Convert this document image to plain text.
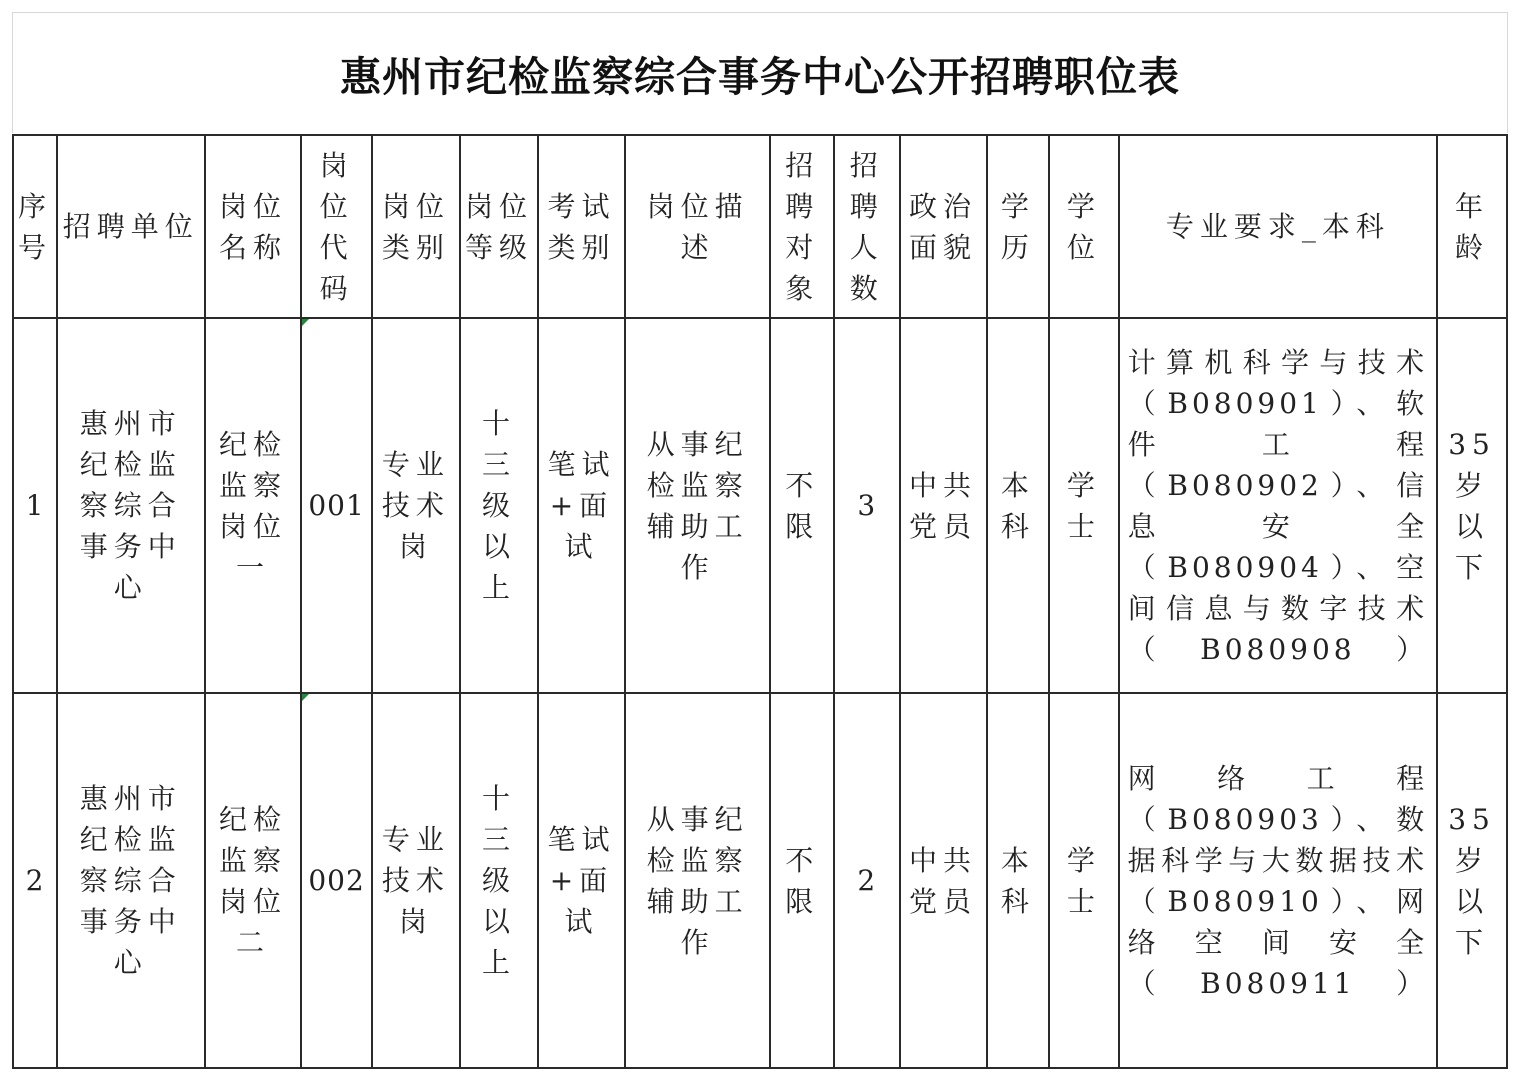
惠州市纪检监察综合事务中心公开招聘职位表
序号	招聘单位	岗位名称	岗位代码	岗位类别	岗位等级	考试类别	岗位描述	招聘对象	招聘人数	政治面貌	学历	学位	专业要求_本科	年龄
1	惠州市纪检监察综合事务中心	纪检监察岗位一	001	专业技术岗	十三级以上	笔试+面试	从事纪检监察辅助工作	不限	3	中共党员	本科	学士	计算机科学与技术（B080901）、软件工程（B080902）、信息安全（B080904）、空间信息与数字技术（B080908）	35岁以下
2	惠州市纪检监察综合事务中心	纪检监察岗位二	002	专业技术岗	十三级以上	笔试+面试	从事纪检监察辅助工作	不限	2	中共党员	本科	学士	网络工程（B080903）、数据科学与大数据技术（B080910）、网络空间安全（B080911）	35岁以下
